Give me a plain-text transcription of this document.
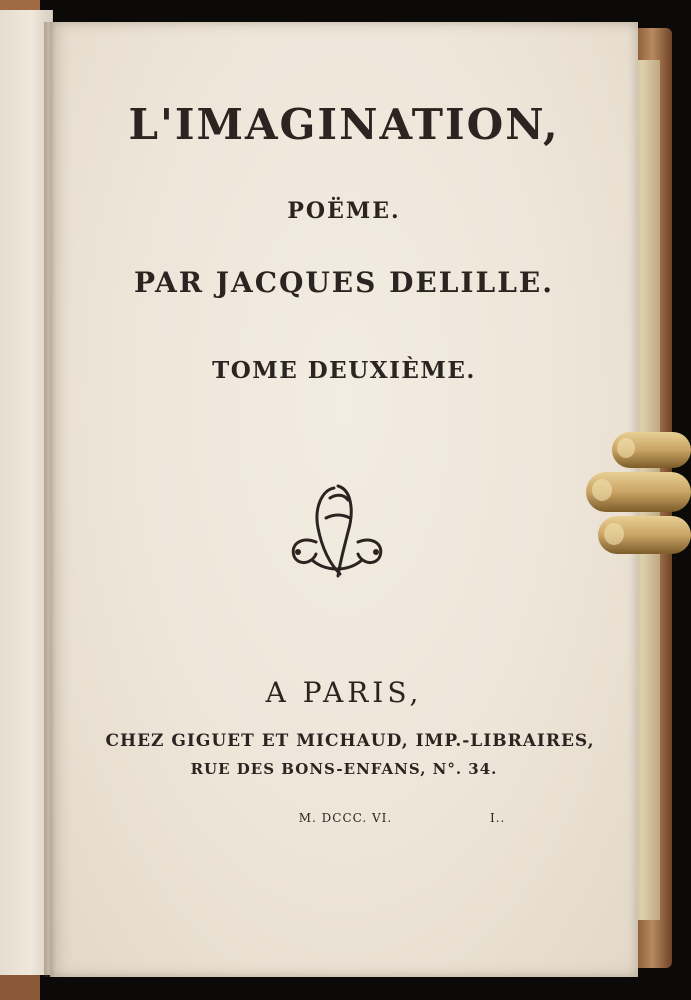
L'IMAGINATION,

POËME.

PAR JACQUES DELILLE.

TOME DEUXIÈME.

A PARIS,

CHEZ GIGUET ET MICHAUD, IMP.-LIBRAIRES,

RUE DES BONS-ENFANS, N°. 34.

M. DCCC. VI.	I..
